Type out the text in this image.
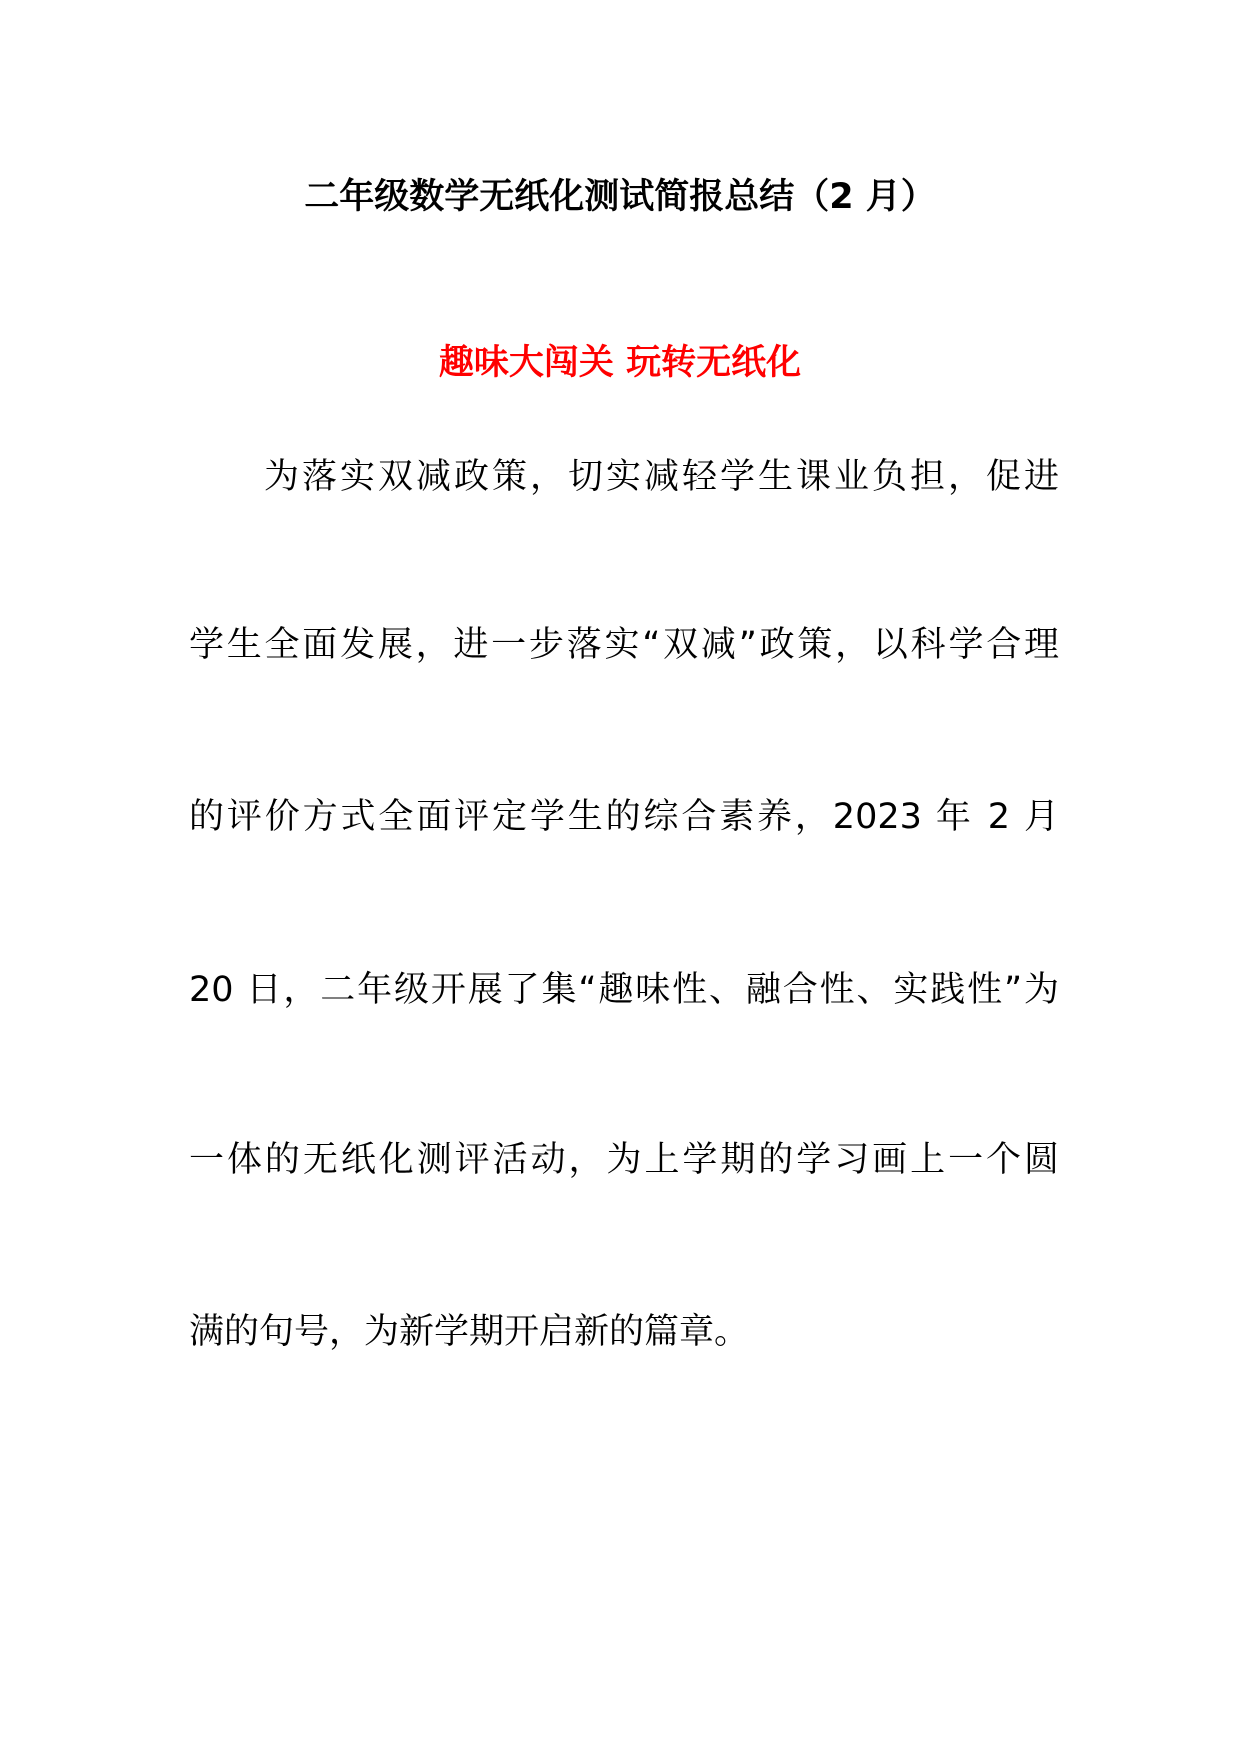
二年级数学无纸化测试简报总结（2 月）
趣味大闯关 玩转无纸化
为落实双减政策，切实减轻学生课业负担，促进
学生全面发展，进一步落实“双减”政策，以科学合理
的评价方式全面评定学生的综合素养，2023 年 2 月
20 日，二年级开展了集“趣味性、融合性、实践性”为
一体的无纸化测评活动，为上学期的学习画上一个圆
满的句号，为新学期开启新的篇章。
